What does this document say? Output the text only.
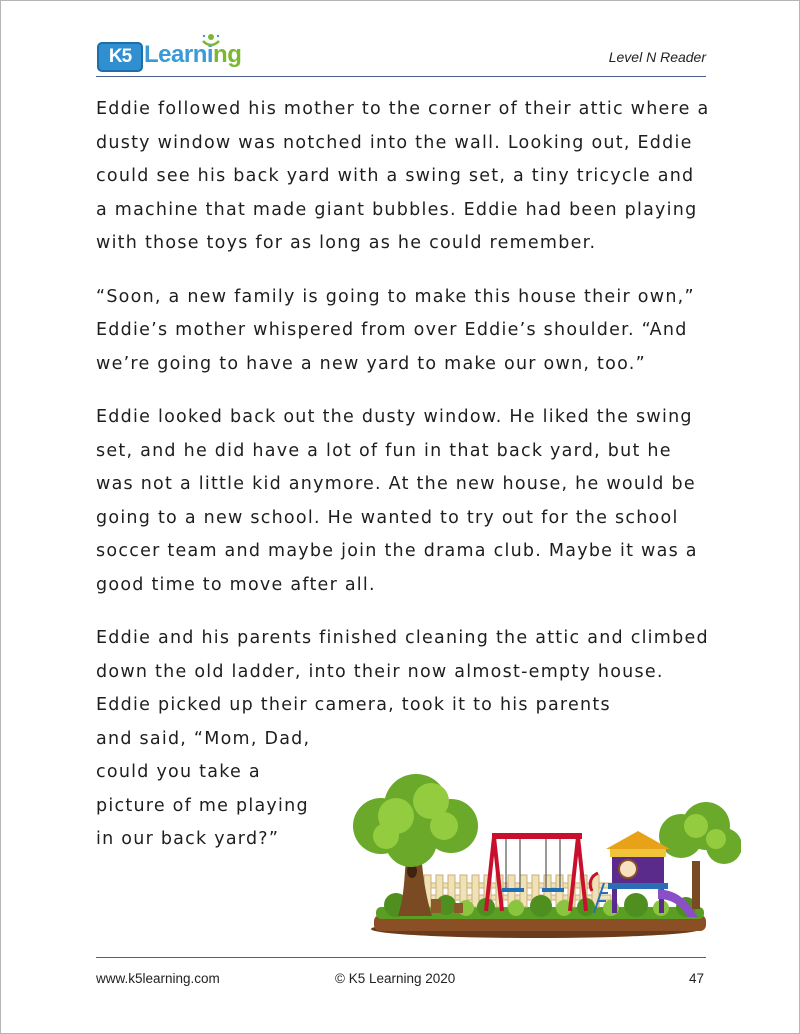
K5 Learning	Level N Reader

Eddie followed his mother to the corner of their attic where a dusty window was notched into the wall. Looking out, Eddie could see his back yard with a swing set, a tiny tricycle and a machine that made giant bubbles. Eddie had been playing with those toys for as long as he could remember.

“Soon, a new family is going to make this house their own,” Eddie’s mother whispered from over Eddie’s shoulder. “And we’re going to have a new yard to make our own, too.”

Eddie looked back out the dusty window. He liked the swing set, and he did have a lot of fun in that back yard, but he was not a little kid anymore. At the new house, he would be going to a new school. He wanted to try out for the school soccer team and maybe join the drama club. Maybe it was a good time to move after all.

Eddie and his parents finished cleaning the attic and climbed down the old ladder, into their now almost-empty house. Eddie picked up their camera, took it to his parents

and said, “Mom, Dad, could you take a picture of me playing in our back yard?”

www.k5learning.com	© K5 Learning 2020	47
